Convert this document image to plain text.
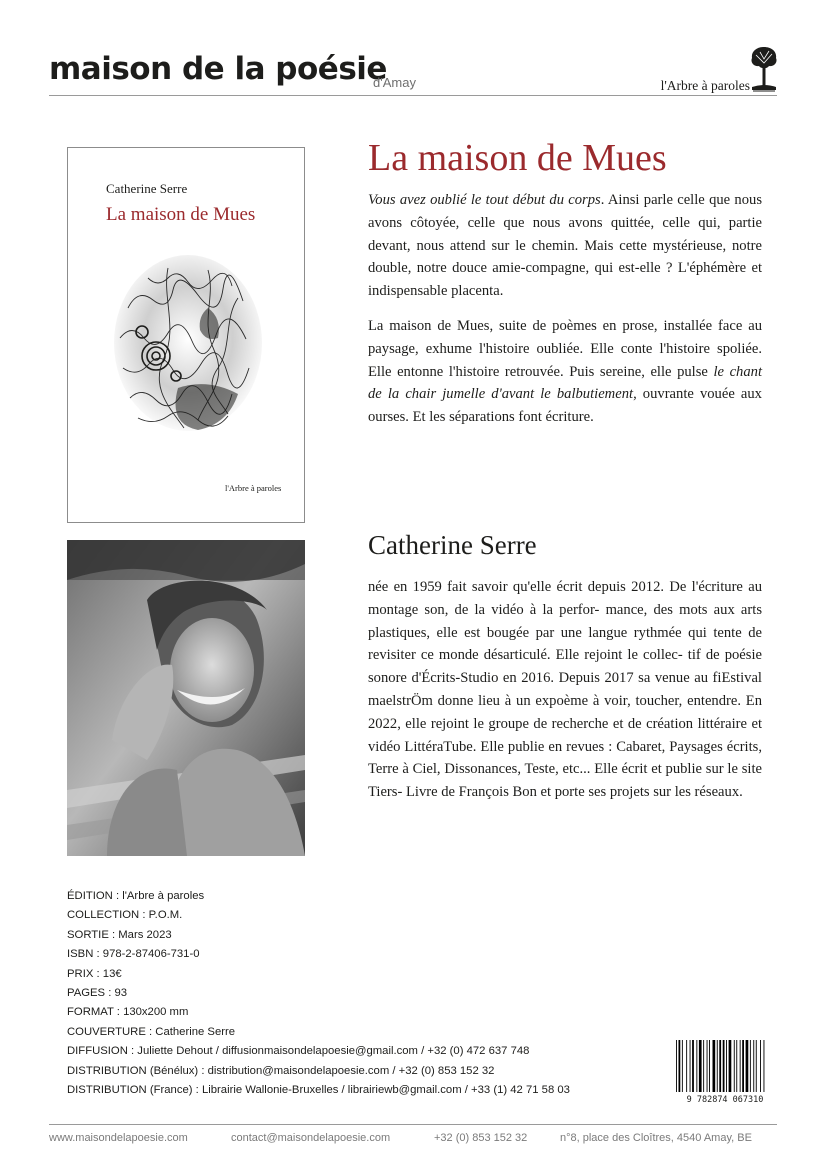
maison de la poésie
d'Amay	l'Arbre à paroles
Catherine Serre
La maison de Mues
l'Arbre à paroles
La maison de Mues

Vous avez oublié le tout début du corps. Ainsi parle celle que nous avons côtoyée, celle que nous avons quittée, celle qui, partie devant, nous attend sur le chemin. Mais cette mystérieuse, notre double, notre douce amie-compagne, qui est-elle ? L'éphémère et indispensable placenta.

La maison de Mues, suite de poèmes en prose, installée face au paysage, exhume l'histoire oubliée. Elle conte l'histoire spoliée. Elle entonne l'histoire retrouvée. Puis sereine, elle pulse le chant de la chair jumelle d'avant le balbutiement, ouvrante vouée aux ourses. Et les séparations font écriture.

Catherine Serre

née en 1959 fait savoir qu'elle écrit depuis 2012. De l'écriture au montage son, de la vidéo à la perfor- mance, des mots aux arts plastiques, elle est bougée par une langue rythmée qui tente de revisiter ce monde désarticulé. Elle rejoint le collec- tif de poésie sonore d'Écrits-Studio en 2016. Depuis 2017 sa venue au fiEstival maelstrÖm donne lieu à un expoème à voir, toucher, entendre. En 2022, elle rejoint le groupe de recherche et de création littéraire et vidéo LittéraTube. Elle publie en revues : Cabaret, Paysages écrits, Terre à Ciel, Dissonances, Teste, etc... Elle écrit et publie sur le site Tiers- Livre de François Bon et porte ses projets sur les réseaux.

ÉDITION : l'Arbre à paroles
COLLECTION : P.O.M.
SORTIE : Mars 2023
ISBN : 978-2-87406-731-0
PRIX : 13€
PAGES : 93
FORMAT : 130x200 mm
COUVERTURE : Catherine Serre
DIFFUSION : Juliette Dehout / diffusionmaisondelapoesie@gmail.com / +32 (0) 472 637 748
DISTRIBUTION (Bénélux) : distribution@maisondelapoesie.com / +32 (0) 853 152 32
DISTRIBUTION (France) : Librairie Wallonie-Bruxelles / librairiewb@gmail.com / +33 (1) 42 71 58 03
9 782874 067310
www.maisondelapoesie.com	contact@maisondelapoesie.com	+32 (0) 853 152 32	n°8, place des Cloîtres, 4540 Amay, BE
